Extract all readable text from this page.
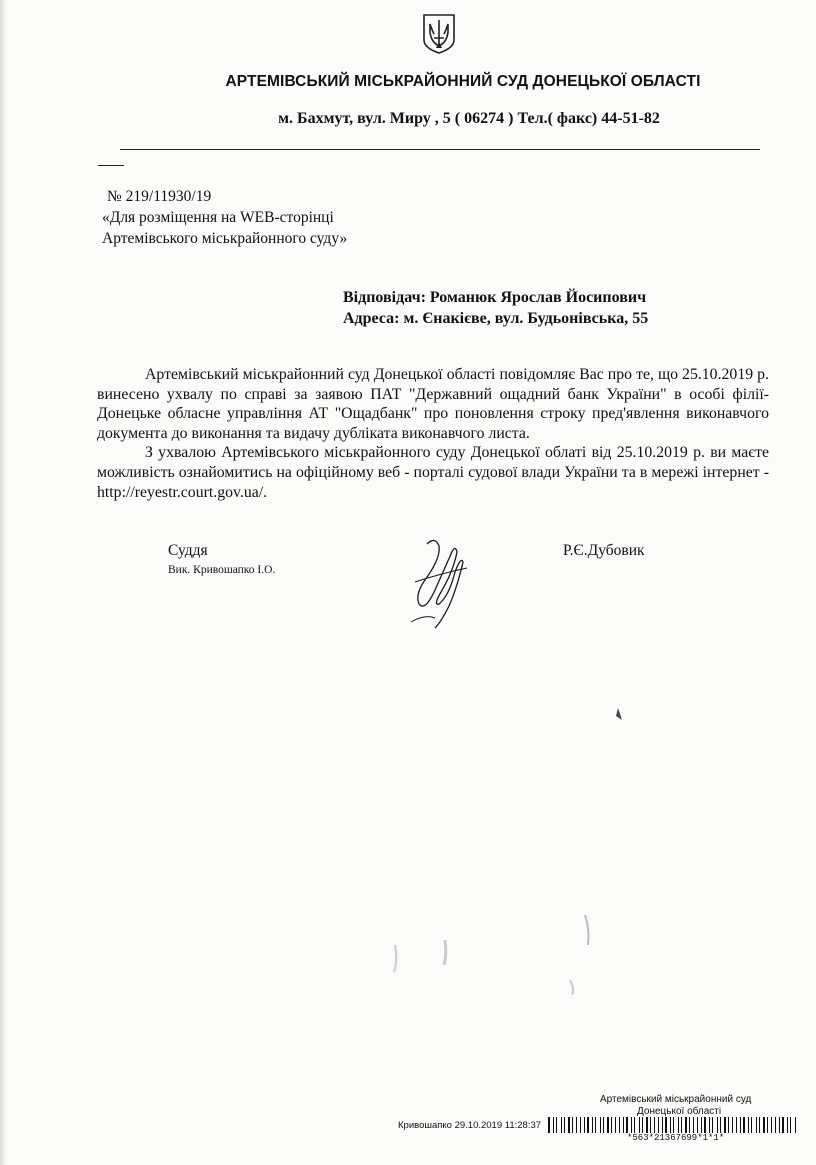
АРТЕМІВСЬКИЙ МІСЬКРАЙОННИЙ СУД ДОНЕЦЬКОЇ ОБЛАСТІ
м. Бахмут, вул. Миру , 5 ( 06274 ) Тел.( факс) 44-51-82
№ 219/11930/19
«Для розміщення на WEB-сторінці
Артемівського міськрайонного суду»
Відповідач: Романюк Ярослав Йосипович
Адреса: м. Єнакієве, вул. Будьонівська, 55

Артемівський міськрайонний суд Донецької області повідомляє Вас про те, що 25.10.2019 р. винесено ухвалу по справі за заявою ПАТ "Державний ощадний банк України" в особі філії- Донецьке обласне управління АТ "Ощадбанк" про поновлення строку пред'явлення виконавчого документа до виконання та видачу дубліката виконавчого листа.

З ухвалою Артемівського міськрайонного суду Донецької облаті від 25.10.2019 р. ви маєте можливість ознайомитись на офіційному веб - порталі судової влади України та в мережі інтернет - http://reyestr.court.gov.ua/.

Суддя
Вик. Кривошапко І.О.
Р.Є.Дубовик
Артемівський міськрайонний суд
Донецької області
Кривошапко 29.10.2019 11:28:37
*563*21367699*1*1*
